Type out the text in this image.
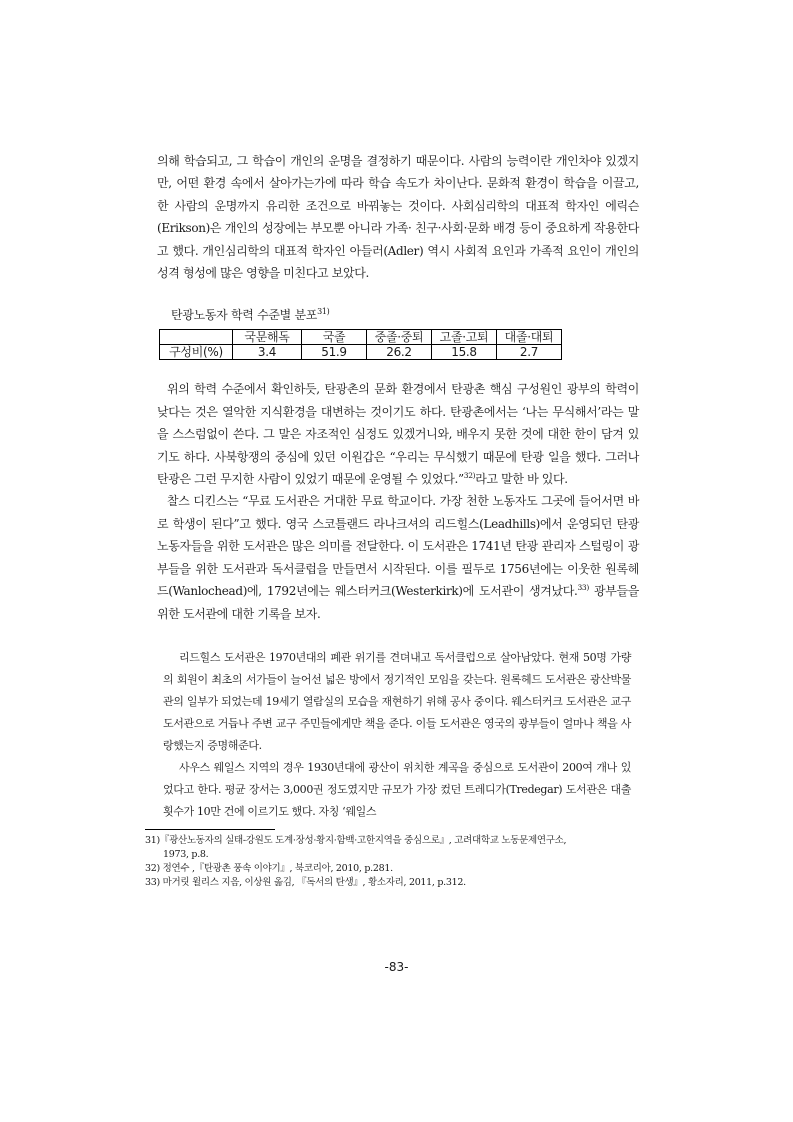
의해 학습되고, 그 학습이 개인의 운명을 결정하기 때문이다. 사람의 능력이란 개인차야 있겠지만, 어떤 환경 속에서 살아가는가에 따라 학습 속도가 차이난다. 문화적 환경이 학습을 이끌고, 한 사람의 운명까지 유리한 조건으로 바꿔놓는 것이다. 사회심리학의 대표적 학자인 에릭슨(Erikson)은 개인의 성장에는 부모뿐 아니라 가족· 친구·사회·문화 배경 등이 중요하게 작용한다고 했다. 개인심리학의 대표적 학자인 아들러(Adler) 역시 사회적 요인과 가족적 요인이 개인의 성격 형성에 많은 영향을 미친다고 보았다.

탄광노동자 학력 수준별 분포$^{31)}$
	국문해독	국졸	중졸·중퇴	고졸·고퇴	대졸·대퇴
구성비(%)	3.4	51.9	26.2	15.8	2.7

위의 학력 수준에서 확인하듯, 탄광촌의 문화 환경에서 탄광촌 핵심 구성원인 광부의 학력이 낮다는 것은 열악한 지식환경을 대변하는 것이기도 하다. 탄광촌에서는 ‘나는 무식해서’라는 말을 스스럼없이 쓴다. 그 말은 자조적인 심정도 있겠거니와, 배우지 못한 것에 대한 한이 담겨 있기도 하다. 사북항쟁의 중심에 있던 이원갑은 “우리는 무식했기 때문에 탄광 일을 했다. 그러나 탄광은 그런 무지한 사람이 있었기 때문에 운영될 수 있었다.”$^{32)}$라고 말한 바 있다.

찰스 디킨스는 “무료 도서관은 거대한 무료 학교이다. 가장 천한 노동자도 그곳에 들어서면 바로 학생이 된다”고 했다. 영국 스코틀랜드 라나크셔의 리드힐스(Leadhills)에서 운영되던 탄광노동자들을 위한 도서관은 많은 의미를 전달한다. 이 도서관은 1741년 탄광 관리자 스털링이 광부들을 위한 도서관과 독서클럽을 만들면서 시작된다. 이를 필두로 1756년에는 이웃한 원록헤드(Wanlochead)에, 1792년에는 웨스터커크(Westerkirk)에 도서관이 생겨났다.$^{33)}$ 광부들을 위한 도서관에 대한 기록을 보자.

리드힐스 도서관은 1970년대의 폐관 위기를 견뎌내고 독서클럽으로 살아남았다. 현재 50명 가량의 회원이 최초의 서가들이 늘어선 넓은 방에서 정기적인 모임을 갖는다. 원록헤드 도서관은 광산박물관의 일부가 되었는데 19세기 열람실의 모습을 재현하기 위해 공사 중이다. 웨스터커크 도서관은 교구 도서관으로 거듭나 주변 교구 주민들에게만 책을 준다. 이들 도서관은 영국의 광부들이 얼마나 책을 사랑했는지 증명해준다.

사우스 웨일스 지역의 경우 1930년대에 광산이 위치한 계곡을 중심으로 도서관이 200여 개나 있었다고 한다. 평균 장서는 3,000권 정도였지만 규모가 가장 컸던 트레디가(Tredegar) 도서관은 대출횟수가 10만 건에 이르기도 했다. 자칭 ‘웨일스

31)『광산노동자의 실태-강원도 도계·장성·황지·함백·고한지역을 중심으로』, 고려대학교 노동문제연구소,

1973, p.8.

32) 정연수 ,『탄광촌 풍속 이야기』, 북코리아, 2010, p.281.

33) 마거릿 윌리스 지음, 이상원 옮김, 『독서의 탄생』, 황소자리, 2011, p.312.

-83-
